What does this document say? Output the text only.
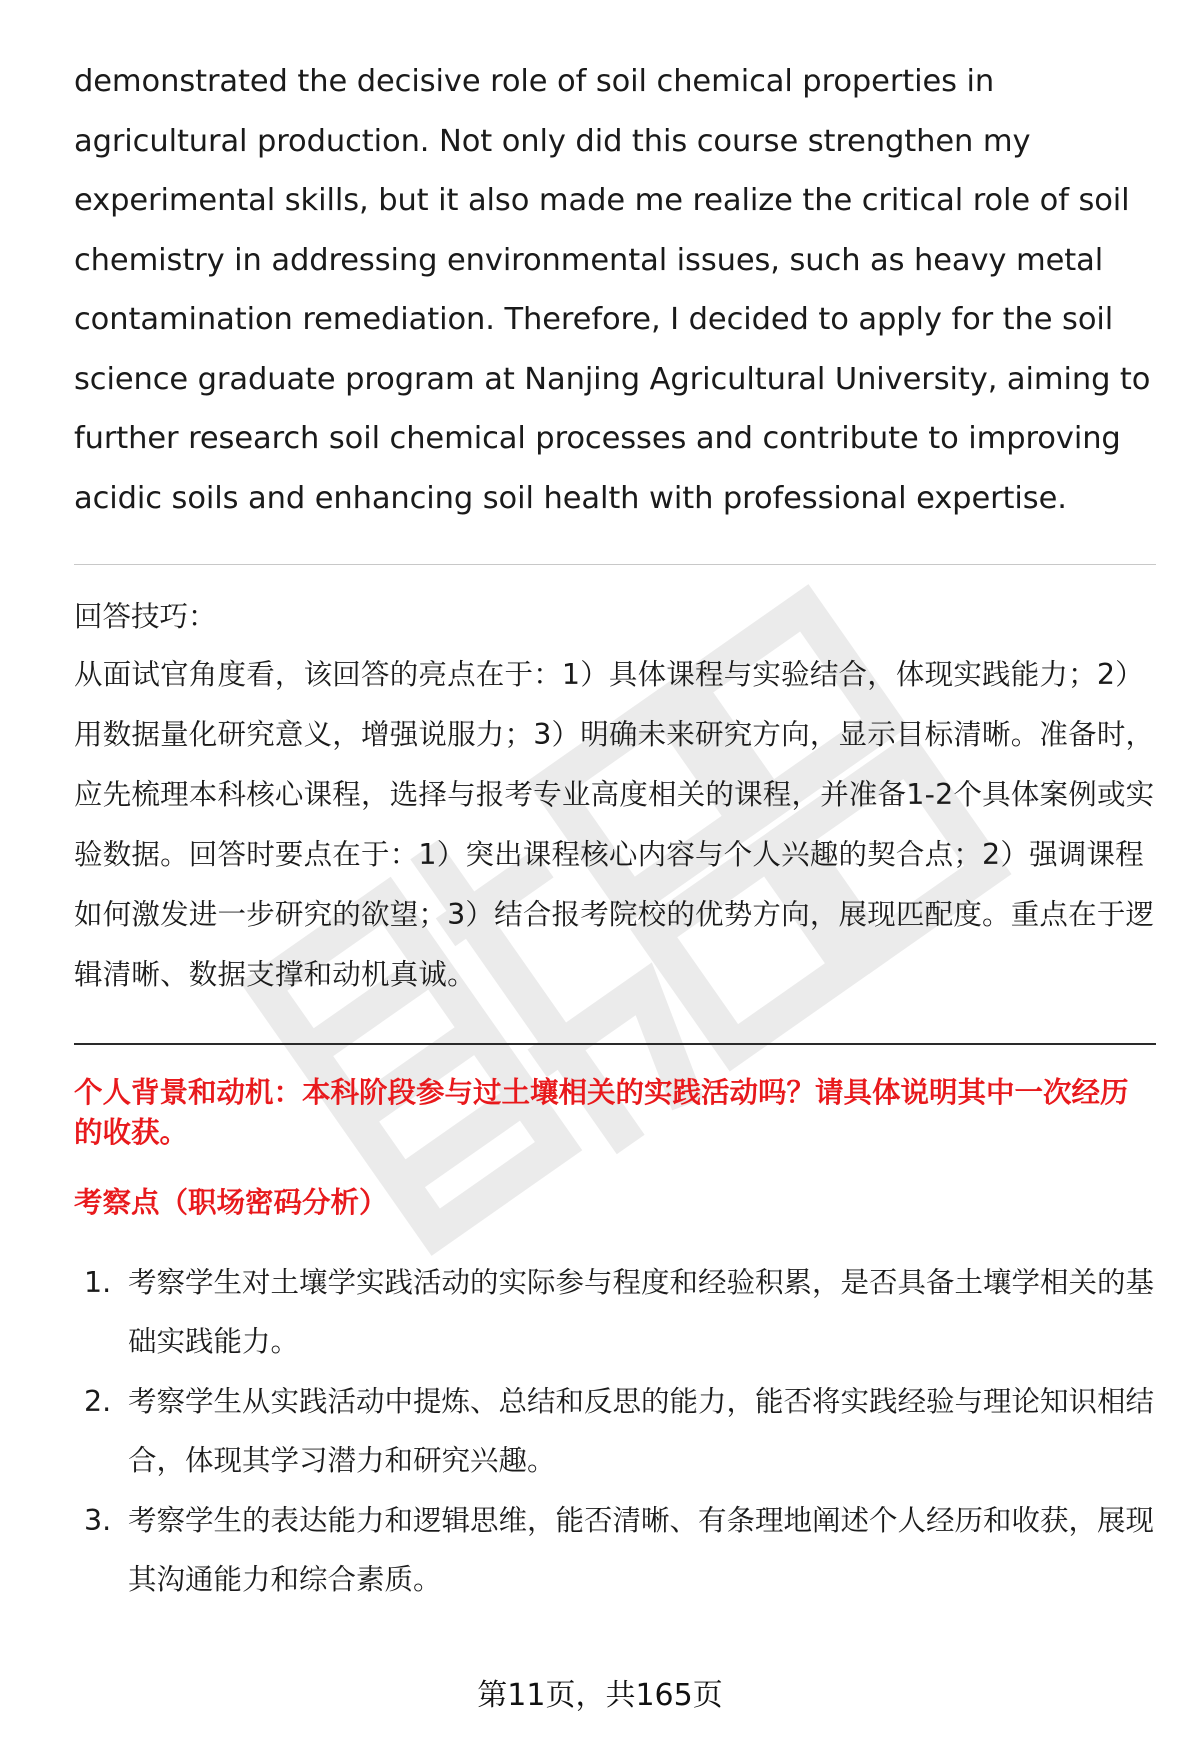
demonstrated the decisive role of soil chemical properties in agricultural production. Not only did this course strengthen my experimental skills, but it also made me realize the critical role of soil chemistry in addressing environmental issues, such as heavy metal contamination remediation. Therefore, I decided to apply for the soil science graduate program at Nanjing Agricultural University, aiming to further research soil chemical processes and contribute to improving acidic soils and enhancing soil health with professional expertise.

回答技巧：

从面试官角度看，该回答的亮点在于：1）具体课程与实验结合，体现实践能力；2）用数据量化研究意义，增强说服力；3）明确未来研究方向，显示目标清晰。准备时，应先梳理本科核心课程，选择与报考专业高度相关的课程，并准备1-2个具体案例或实验数据。回答时要点在于：1）突出课程核心内容与个人兴趣的契合点；2）强调课程如何激发进一步研究的欲望；3）结合报考院校的优势方向，展现匹配度。重点在于逻辑清晰、数据支撑和动机真诚。

个人背景和动机：本科阶段参与过土壤相关的实践活动吗？请具体说明其中一次经历的收获。
考察点（职场密码分析）
1. 考察学生对土壤学实践活动的实际参与程度和经验积累，是否具备土壤学相关的基础实践能力。
2. 考察学生从实践活动中提炼、总结和反思的能力，能否将实践经验与理论知识相结合，体现其学习潜力和研究兴趣。
3. 考察学生的表达能力和逻辑思维，能否清晰、有条理地阐述个人经历和收获，展现其沟通能力和综合素质。
第11页，共165页
